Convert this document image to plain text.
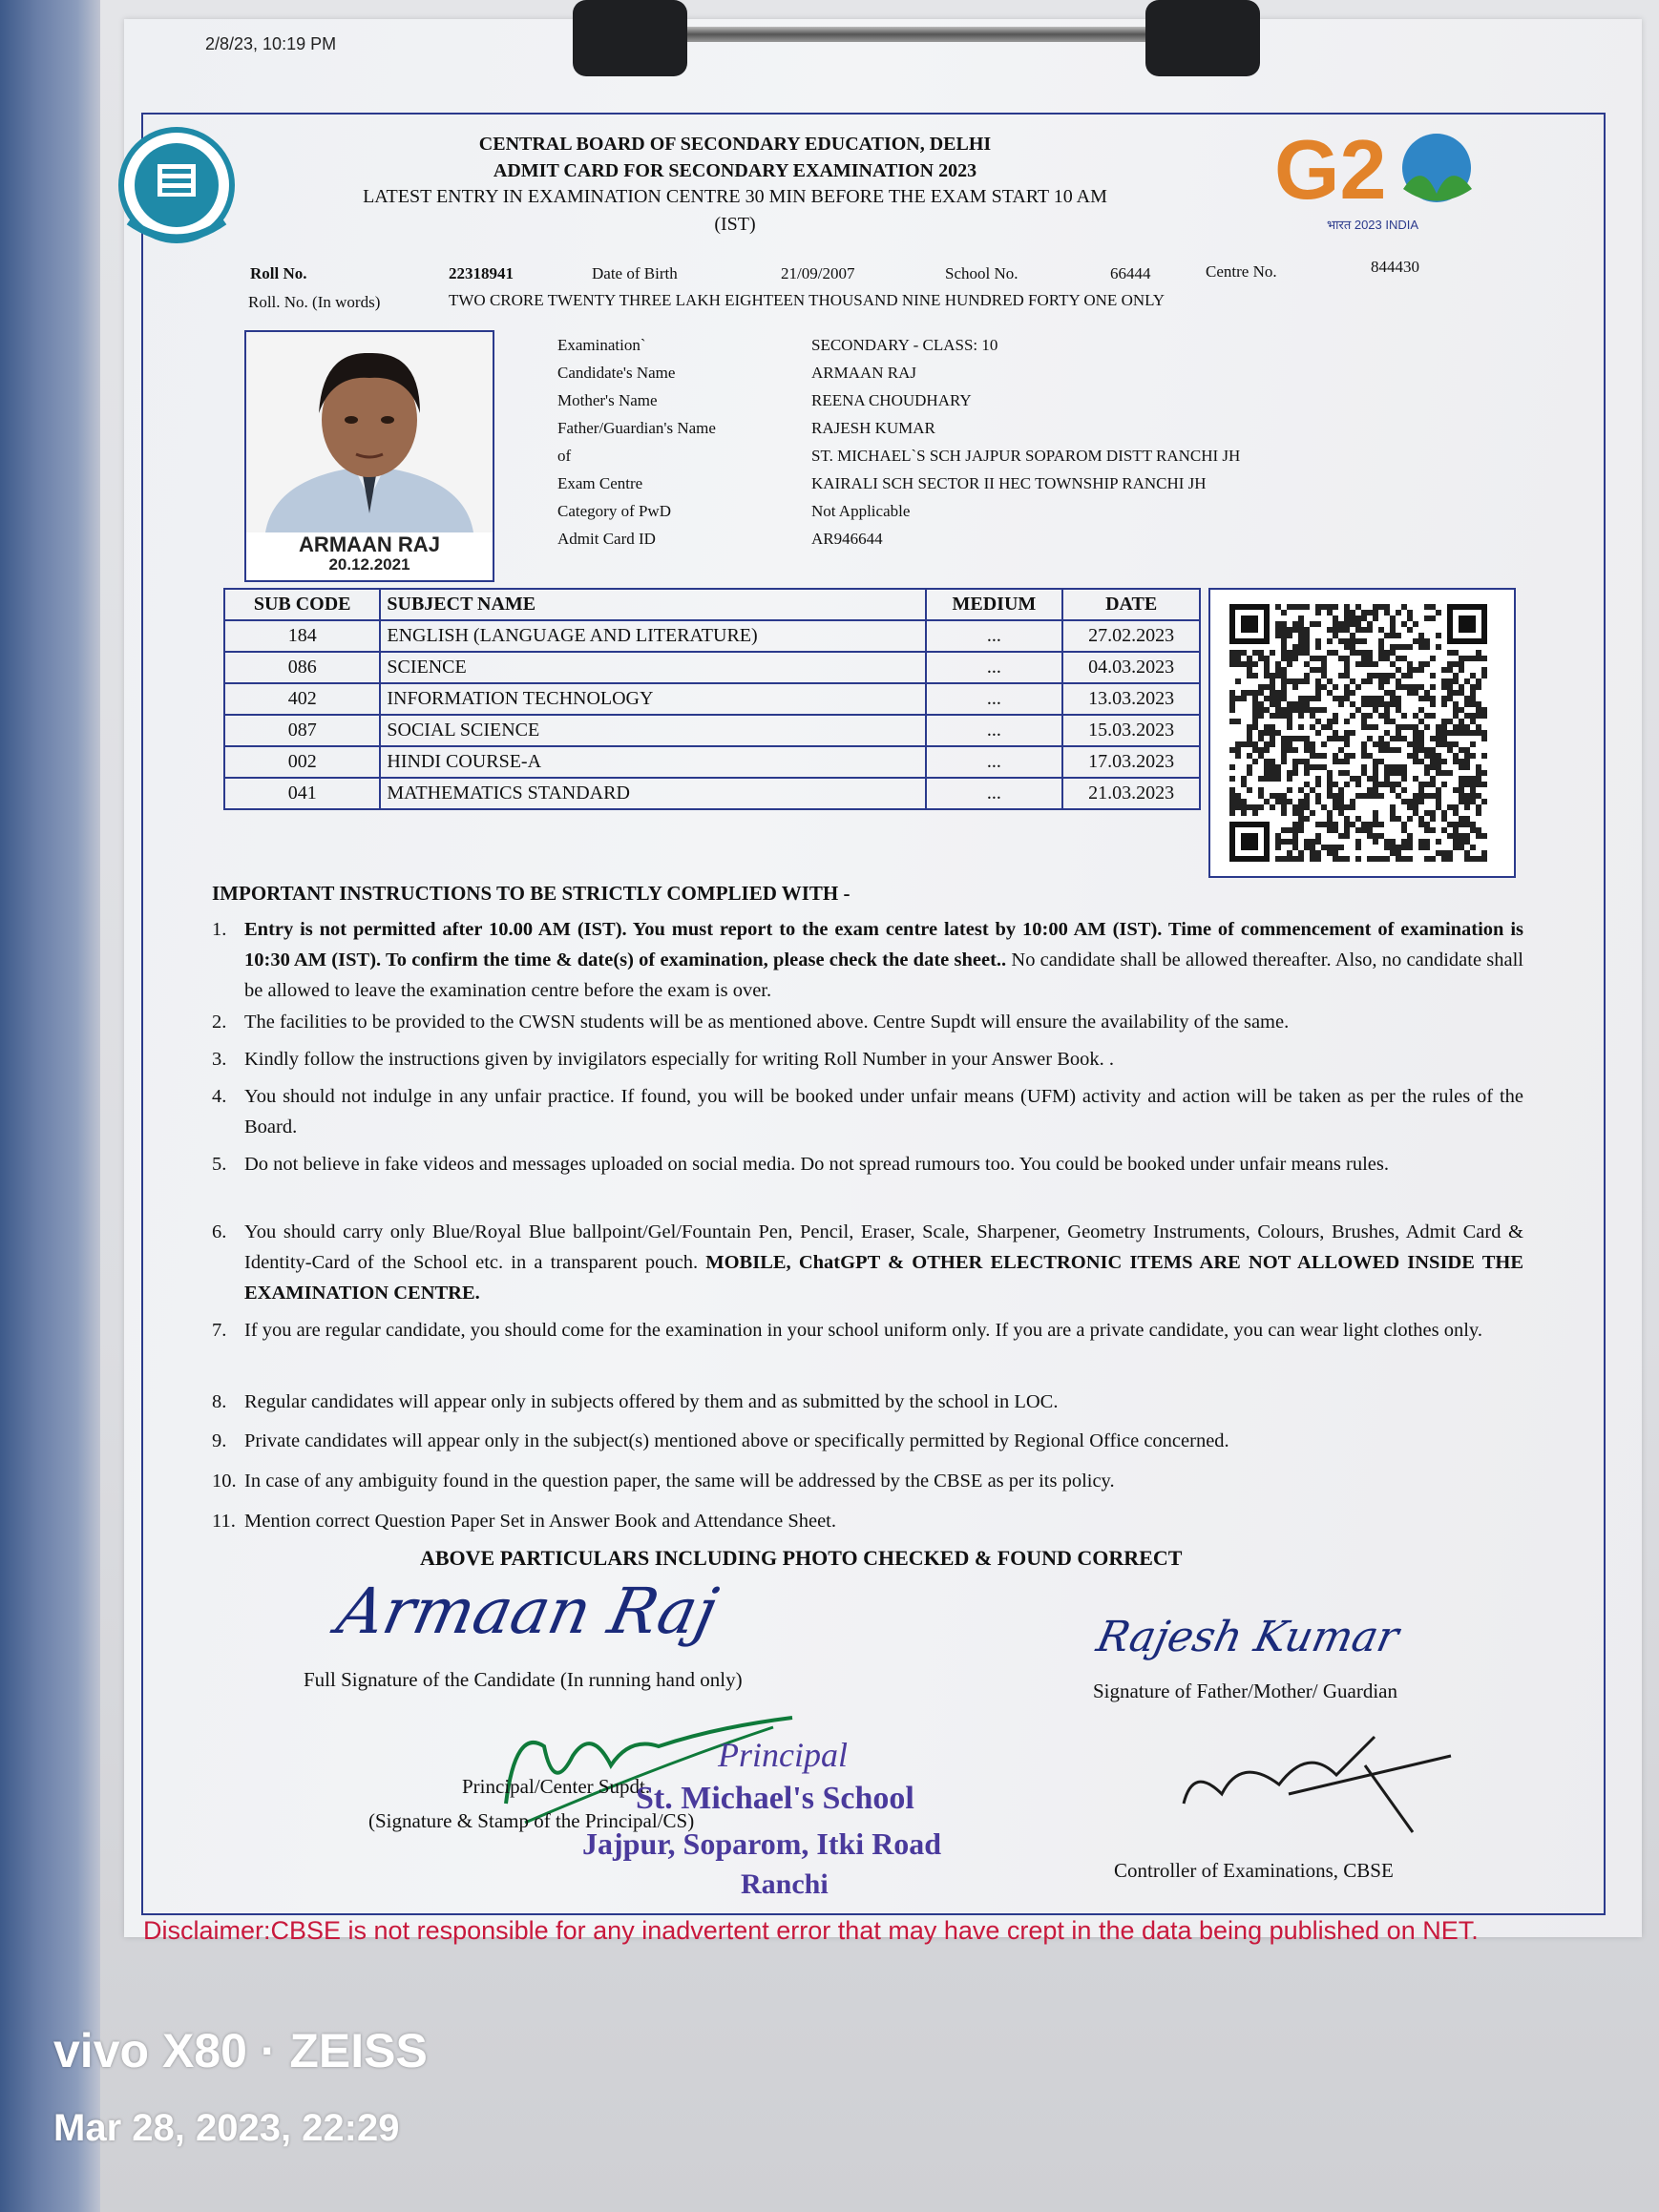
2/8/23, 10:19 PM
G2
भारत 2023 INDIA
CENTRAL BOARD OF SECONDARY EDUCATION, DELHI
ADMIT CARD FOR SECONDARY EXAMINATION 2023
LATEST ENTRY IN EXAMINATION CENTRE 30 MIN BEFORE THE EXAM START 10 AM
(IST)
Roll No.	22318941	Date of Birth	21/09/2007	School No.	66444	Centre No.	844430
Roll. No. (In words)	TWO CRORE TWENTY THREE LAKH EIGHTEEN THOUSAND NINE HUNDRED FORTY ONE ONLY
ARMAAN RAJ
20.12.2021
Examination`	SECONDARY - CLASS: 10
Candidate's Name	ARMAAN RAJ
Mother's Name	REENA CHOUDHARY
Father/Guardian's Name	RAJESH KUMAR
of	ST. MICHAEL`S SCH JAJPUR SOPAROM DISTT RANCHI JH
Exam Centre	KAIRALI SCH SECTOR II HEC TOWNSHIP RANCHI JH
Category of PwD	Not Applicable
Admit Card ID	AR946644
SUB CODE	SUBJECT NAME	MEDIUM	DATE
184	ENGLISH (LANGUAGE AND LITERATURE)	...	27.02.2023
086	SCIENCE	...	04.03.2023
402	INFORMATION TECHNOLOGY	...	13.03.2023
087	SOCIAL SCIENCE	...	15.03.2023
002	HINDI COURSE-A	...	17.03.2023
041	MATHEMATICS STANDARD	...	21.03.2023
IMPORTANT INSTRUCTIONS TO BE STRICTLY COMPLIED WITH -
1. Entry is not permitted after 10.00 AM (IST). You must report to the exam centre latest by 10:00 AM (IST). Time of commencement of examination is 10:30 AM (IST). To confirm the time & date(s) of examination, please check the date sheet.. No candidate shall be allowed thereafter. Also, no candidate shall be allowed to leave the examination centre before the exam is over.
2. The facilities to be provided to the CWSN students will be as mentioned above. Centre Supdt will ensure the availability of the same.
3. Kindly follow the instructions given by invigilators especially for writing Roll Number in your Answer Book. .
4. You should not indulge in any unfair practice. If found, you will be booked under unfair means (UFM) activity and action will be taken as per the rules of the Board.
5. Do not believe in fake videos and messages uploaded on social media. Do not spread rumours too. You could be booked under unfair means rules.
6. You should carry only Blue/Royal Blue ballpoint/Gel/Fountain Pen, Pencil, Eraser, Scale, Sharpener, Geometry Instruments, Colours, Brushes, Admit Card & Identity-Card of the School etc. in a transparent pouch. MOBILE, ChatGPT & OTHER ELECTRONIC ITEMS ARE NOT ALLOWED INSIDE THE EXAMINATION CENTRE.
7. If you are regular candidate, you should come for the examination in your school uniform only. If you are a private candidate, you can wear light clothes only.
8. Regular candidates will appear only in subjects offered by them and as submitted by the school in LOC.
9. Private candidates will appear only in the subject(s) mentioned above or specifically permitted by Regional Office concerned.
10. In case of any ambiguity found in the question paper, the same will be addressed by the CBSE as per its policy.
11. Mention correct Question Paper Set in Answer Book and Attendance Sheet.
ABOVE PARTICULARS INCLUDING PHOTO CHECKED & FOUND CORRECT
Armaan Raj
Full Signature of the Candidate (In running hand only)
Rajesh Kumar
Signature of Father/Mother/ Guardian
Principal/Center Supdt.
(Signature & Stamp of the Principal/CS)
Principal
St. Michael's School
Jajpur, Soparom, Itki Road
Ranchi	Controller of Examinations, CBSE
Disclaimer:CBSE is not responsible for any inadvertent error that may have crept in the data being published on NET.
vivo X80 · ZEISS
Mar 28, 2023, 22:29
